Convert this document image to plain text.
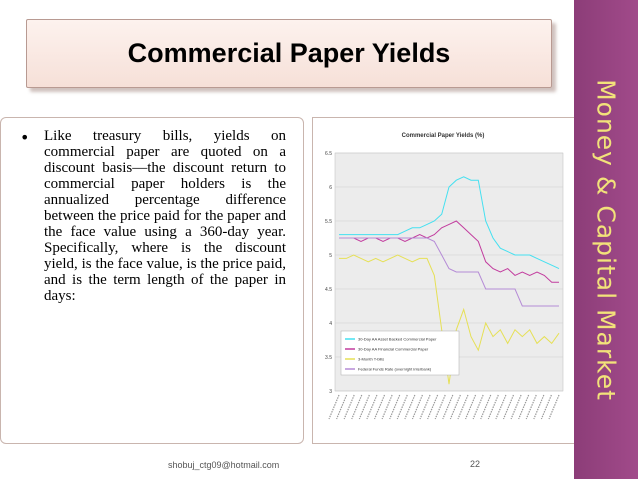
Commercial Paper Yields
• Like treasury bills, yields on commercial paper are quoted on a discount basis—the discount return to commercial paper holders is the annualized percentage difference between the price paid for the paper and the face value using a 360-day year. Specifically, where is the discount yield, is the face value, is the price paid, and is the term length of the paper in days:
Commercial Paper Yields (%)
6.5
6
5.5
5
4.5
4
3.5
3
30-Day AA Asset Backed Commercial Paper
30-Day AA Financial Commercial Paper
3-Month T-bills
Federal Funds Rate (overnight interbank)	Money & Capital Market
shobuj_ctg09@hotmail.com	22
